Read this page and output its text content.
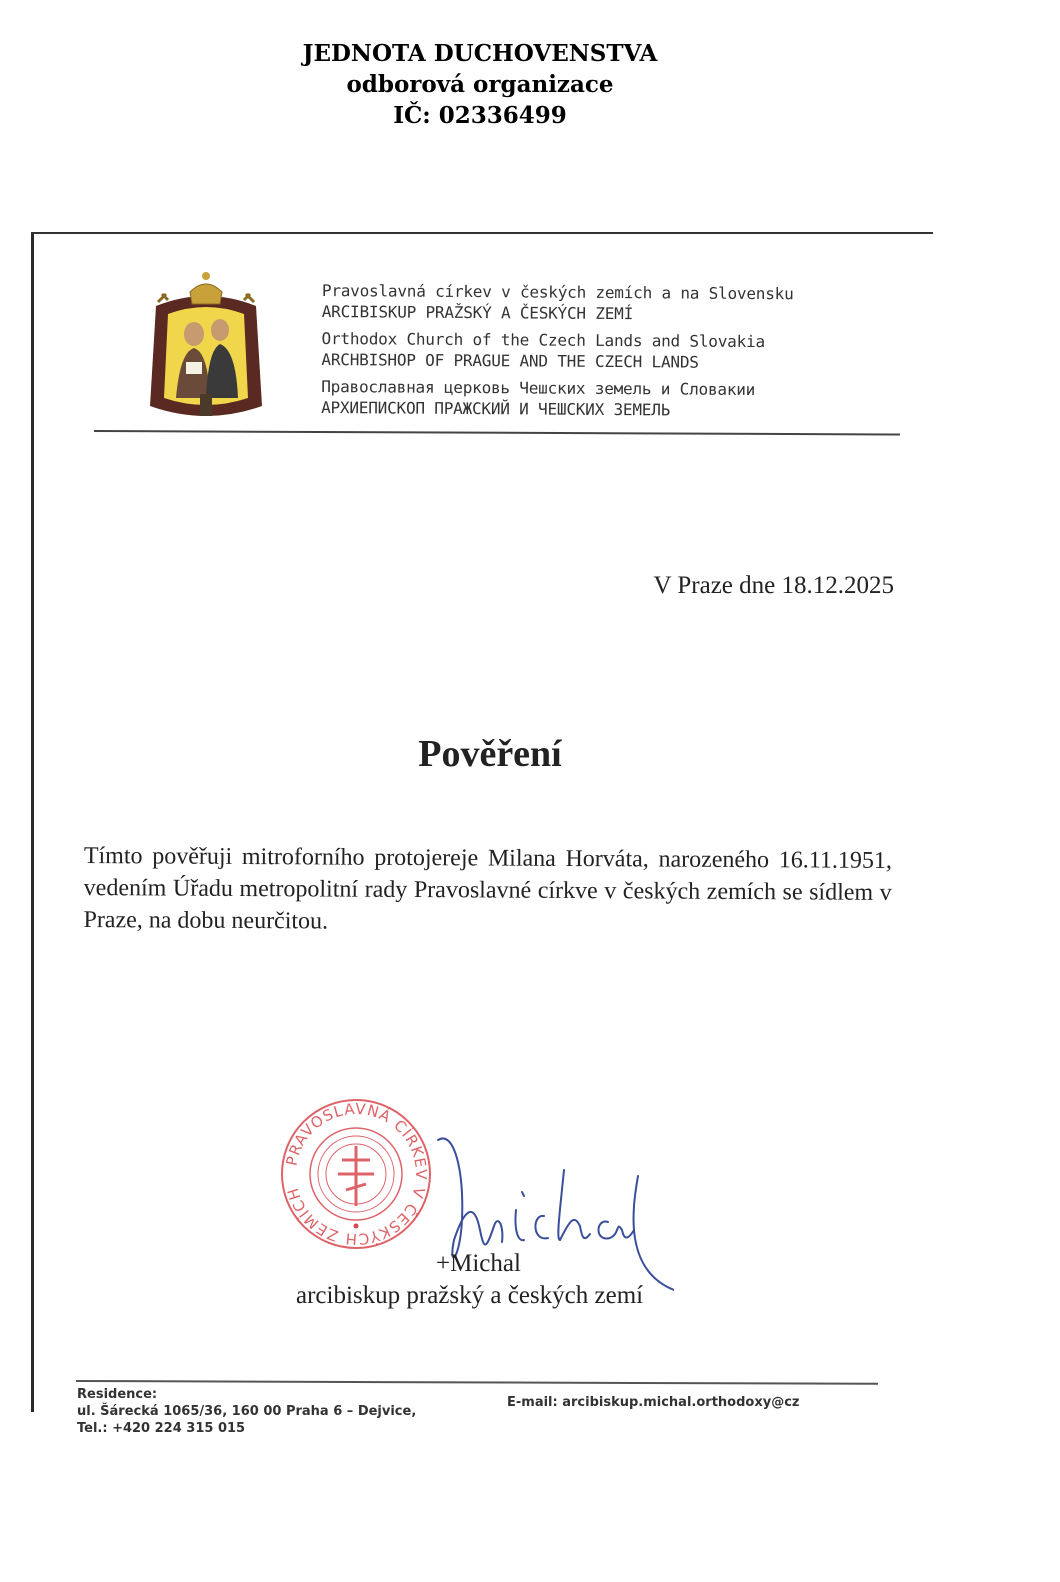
JEDNOTA DUCHOVENSTVA
odborová organizace
IČ: 02336499
Pravoslavná církev v českých zemích a na Slovensku
ARCIBISKUP PRAŽSKÝ A ČESKÝCH ZEMÍ
Orthodox Church of the Czech Lands and Slovakia
ARCHBISHOP OF PRAGUE AND THE CZECH LANDS
Православная церковь Чешских земель и Словакии
АРХИЕПИСКОП ПРАЖСКИЙ И ЧЕШСКИХ ЗЕМЕЛЬ
V Praze dne 18.12.2025
Pověření
Tímto pověřuji mitroforního protojereje Milana Horváta, narozeného 16.11.1951, vedením Úřadu metropolitní rady Pravoslavné církve v českých zemích se sídlem v Praze, na dobu neurčitou.
PRAVOSLAVNÁ CÍRKEV V ČESKÝCH ZEMÍCH
+Michal
arcibiskup pražský a českých zemí
Residence:
ul. Šárecká 1065/36, 160 00 Praha 6 – Dejvice,
Tel.: +420 224 315 015
E-mail: arcibiskup.michal.orthodoxy@cz
